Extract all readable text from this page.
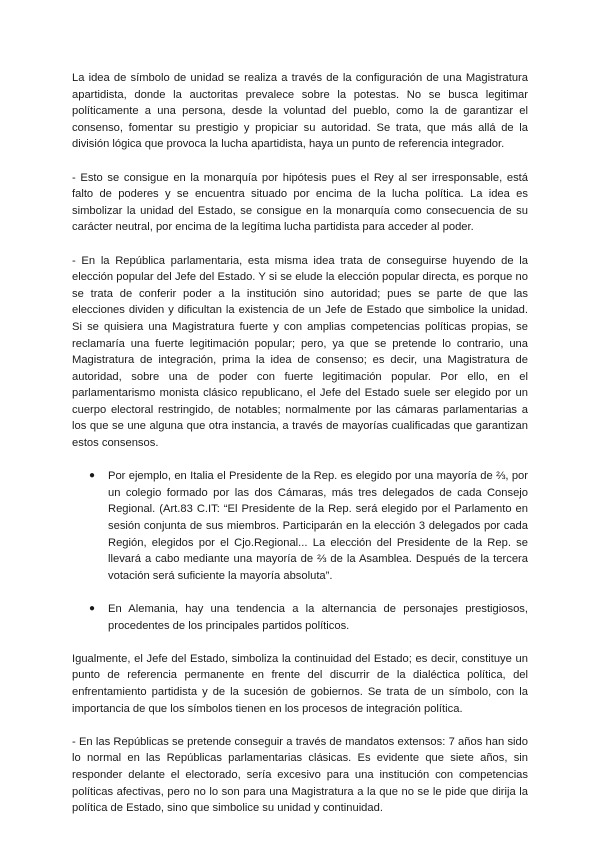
La idea de símbolo de unidad se realiza a través de la configuración de una Magistratura apartidista, donde la auctoritas prevalece sobre la potestas. No se busca legitimar políticamente a una persona, desde la voluntad del pueblo, como la de garantizar el consenso, fomentar su prestigio y propiciar su autoridad. Se trata, que más allá de la división lógica que provoca la lucha apartidista, haya un punto de referencia integrador.

- Esto se consigue en la monarquía por hipótesis pues el Rey al ser irresponsable, está falto de poderes y se encuentra situado por encima de la lucha política. La idea es simbolizar la unidad del Estado, se consigue en la monarquía como consecuencia de su carácter neutral, por encima de la legítima lucha partidista para acceder al poder.

- En la República parlamentaria, esta misma idea trata de conseguirse huyendo de la elección popular del Jefe del Estado. Y si se elude la elección popular directa, es porque no se trata de conferir poder a la institución sino autoridad; pues se parte de que las elecciones dividen y dificultan la existencia de un Jefe de Estado que simbolice la unidad. Si se quisiera una Magistratura fuerte y con amplias competencias políticas propias, se reclamaría una fuerte legitimación popular; pero, ya que se pretende lo contrario, una Magistratura de integración, prima la idea de consenso; es decir, una Magistratura de autoridad, sobre una de poder con fuerte legitimación popular. Por ello, en el parlamentarismo monista clásico republicano, el Jefe del Estado suele ser elegido por un cuerpo electoral restringido, de notables; normalmente por las cámaras parlamentarias a los que se une alguna que otra instancia, a través de mayorías cualificadas que garantizan estos consensos.

● Por ejemplo, en Italia el Presidente de la Rep. es elegido por una mayoría de ⅔, por un colegio formado por las dos Cámaras, más tres delegados de cada Consejo Regional. (Art.83 C.IT: “El Presidente de la Rep. será elegido por el Parlamento en sesión conjunta de sus miembros. Participarán en la elección 3 delegados por cada Región, elegidos por el Cjo.Regional... La elección del Presidente de la Rep. se llevará a cabo mediante una mayoría de ⅔ de la Asamblea. Después de la tercera votación será suficiente la mayoría absoluta”.
● En Alemania, hay una tendencia a la alternancia de personajes prestigiosos, procedentes de los principales partidos políticos.

Igualmente, el Jefe del Estado, simboliza la continuidad del Estado; es decir, constituye un punto de referencia permanente en frente del discurrir de la dialéctica política, del enfrentamiento partidista y de la sucesión de gobiernos. Se trata de un símbolo, con la importancia de que los símbolos tienen en los procesos de integración política.

- En las Repúblicas se pretende conseguir a través de mandatos extensos: 7 años han sido lo normal en las Repúblicas parlamentarias clásicas. Es evidente que siete años, sin responder delante el electorado, sería excesivo para una institución con competencias políticas afectivas, pero no lo son para una Magistratura a la que no se le pide que dirija la política de Estado, sino que simbolice su unidad y continuidad.
